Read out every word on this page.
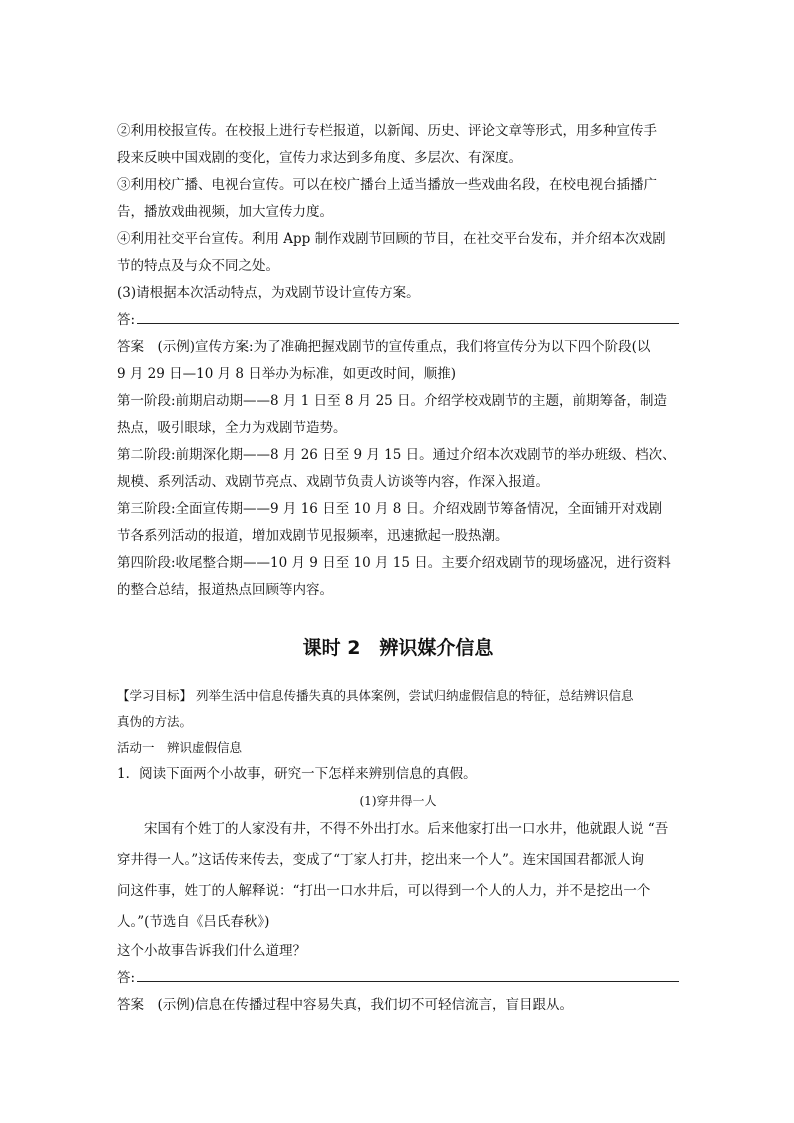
②利用校报宣传。在校报上进行专栏报道，以新闻、历史、评论文章等形式，用多种宣传手
段来反映中国戏剧的变化，宣传力求达到多角度、多层次、有深度。
③利用校广播、电视台宣传。可以在校广播台上适当播放一些戏曲名段，在校电视台插播广
告，播放戏曲视频，加大宣传力度。
④利用社交平台宣传。利用 App 制作戏剧节回顾的节目，在社交平台发布，并介绍本次戏剧
节的特点及与众不同之处。
(3)请根据本次活动特点，为戏剧节设计宣传方案。
答:
答案　(示例)宣传方案:为了准确把握戏剧节的宣传重点，我们将宣传分为以下四个阶段(以
9 月 29 日—10 月 8 日举办为标准，如更改时间，顺推)
第一阶段:前期启动期——8 月 1 日至 8 月 25 日。介绍学校戏剧节的主题，前期筹备，制造
热点，吸引眼球，全力为戏剧节造势。
第二阶段:前期深化期——8 月 26 日至 9 月 15 日。通过介绍本次戏剧节的举办班级、档次、
规模、系列活动、戏剧节亮点、戏剧节负责人访谈等内容，作深入报道。
第三阶段:全面宣传期——9 月 16 日至 10 月 8 日。介绍戏剧节筹备情况，全面铺开对戏剧
节各系列活动的报道，增加戏剧节见报频率，迅速掀起一股热潮。
第四阶段:收尾整合期——10 月 9 日至 10 月 15 日。主要介绍戏剧节的现场盛况，进行资料
的整合总结，报道热点回顾等内容。
课时 2　辨识媒介信息
【学习目标】 列举生活中信息传播失真的具体案例，尝试归纳虚假信息的特征，总结辨识信息
真伪的方法。
活动一　辨识虚假信息
1．阅读下面两个小故事，研究一下怎样来辨别信息的真假。
(1)穿井得一人
宋国有个姓丁的人家没有井，不得不外出打水。后来他家打出一口水井，他就跟人说 “吾
穿井得一人。”这话传来传去，变成了“丁家人打井，挖出来一个人”。连宋国国君都派人询
问这件事，姓丁的人解释说：“打出一口水井后，可以得到一个人的人力，并不是挖出一个
人。”(节选自《吕氏春秋》)
这个小故事告诉我们什么道理？
答:
答案　(示例)信息在传播过程中容易失真，我们切不可轻信流言，盲目跟从。
